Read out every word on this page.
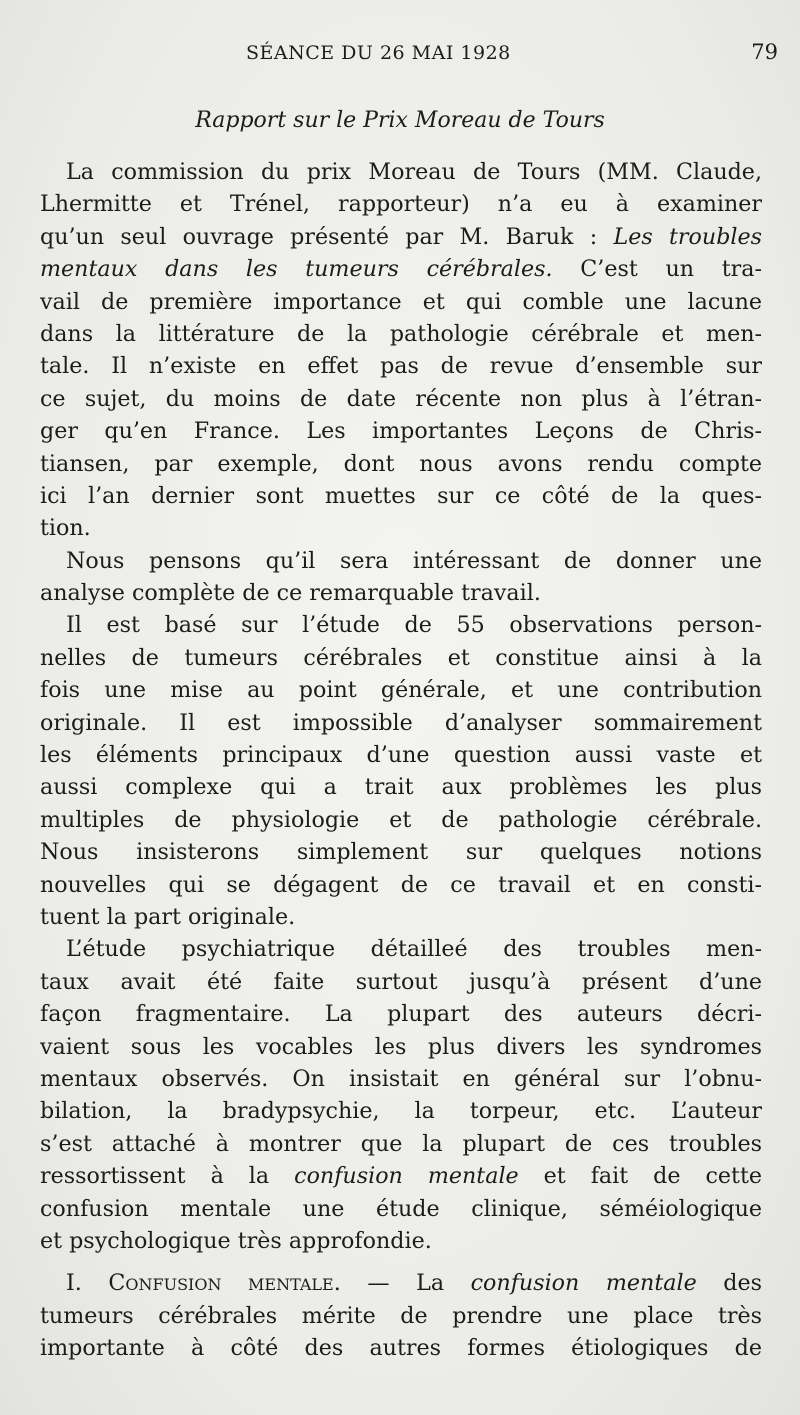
SÉANCE DU 26 MAI 1928	79
Rapport sur le Prix Moreau de Tours
La commission du prix Moreau de Tours (MM. Claude,
Lhermitte et Trénel, rapporteur) n’a eu à examiner
qu’un seul ouvrage présenté par M. Baruk : Les troubles
mentaux dans les tumeurs cérébrales. C’est un tra-
vail de première importance et qui comble une lacune
dans la littérature de la pathologie cérébrale et men-
tale. Il n’existe en effet pas de revue d’ensemble sur
ce sujet, du moins de date récente non plus à l’étran-
ger qu’en France. Les importantes Leçons de Chris-
tiansen, par exemple, dont nous avons rendu compte
ici l’an dernier sont muettes sur ce côté de la ques-
tion.
Nous pensons qu’il sera intéressant de donner une
analyse complète de ce remarquable travail.
Il est basé sur l’étude de 55 observations person-
nelles de tumeurs cérébrales et constitue ainsi à la
fois une mise au point générale, et une contribution
originale. Il est impossible d’analyser sommairement
les éléments principaux d’une question aussi vaste et
aussi complexe qui a trait aux problèmes les plus
multiples de physiologie et de pathologie cérébrale.
Nous insisterons simplement sur quelques notions
nouvelles qui se dégagent de ce travail et en consti-
tuent la part originale.
L’étude psychiatrique détailleé des troubles men-
taux avait été faite surtout jusqu’à présent d’une
façon fragmentaire. La plupart des auteurs décri-
vaient sous les vocables les plus divers les syndromes
mentaux observés. On insistait en général sur l’obnu-
bilation, la bradypsychie, la torpeur, etc. L’auteur
s’est attaché à montrer que la plupart de ces troubles
ressortissent à la confusion mentale et fait de cette
confusion mentale une étude clinique, séméiologique
et psychologique très approfondie.
I. Confusion mentale. — La confusion mentale des
tumeurs cérébrales mérite de prendre une place très
importante à côté des autres formes étiologiques de
